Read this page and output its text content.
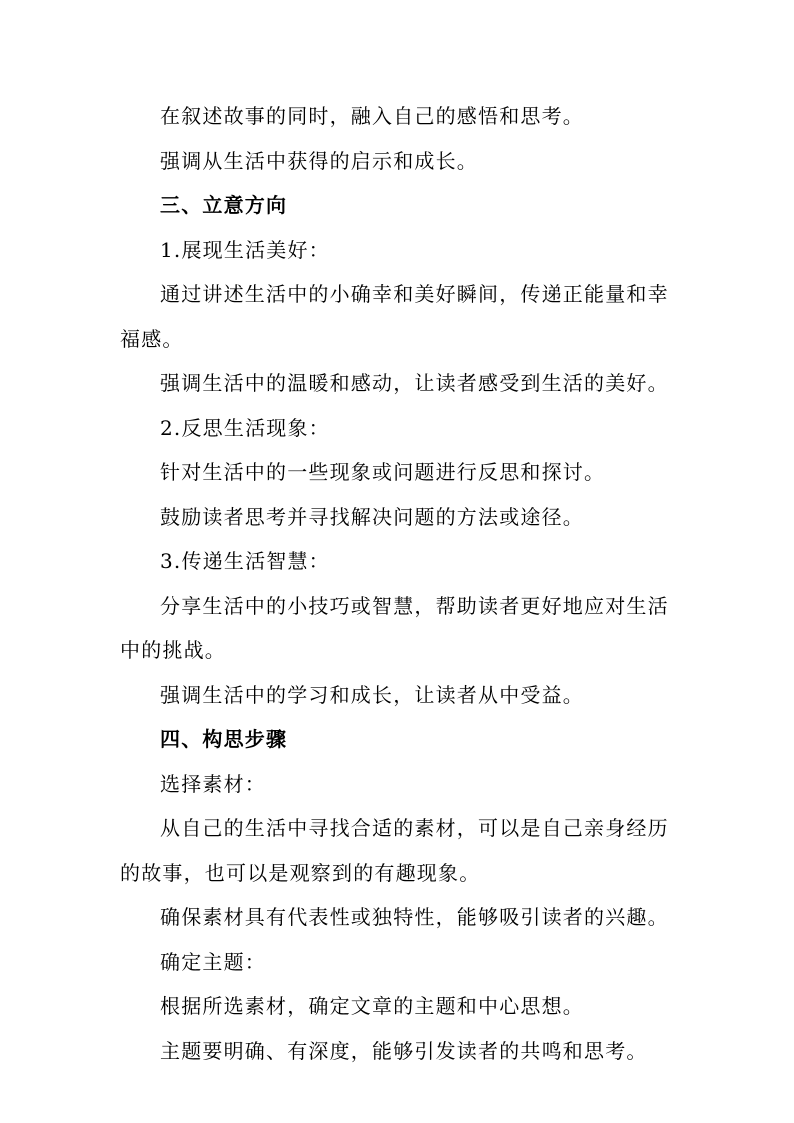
在叙述故事的同时，融入自己的感悟和思考。

强调从生活中获得的启示和成长。

三、立意方向

1.展现生活美好：

通过讲述生活中的小确幸和美好瞬间，传递正能量和幸福感。

强调生活中的温暖和感动，让读者感受到生活的美好。

2.反思生活现象：

针对生活中的一些现象或问题进行反思和探讨。

鼓励读者思考并寻找解决问题的方法或途径。

3.传递生活智慧：

分享生活中的小技巧或智慧，帮助读者更好地应对生活中的挑战。

强调生活中的学习和成长，让读者从中受益。

四、构思步骤

选择素材：

从自己的生活中寻找合适的素材，可以是自己亲身经历的故事，也可以是观察到的有趣现象。

确保素材具有代表性或独特性，能够吸引读者的兴趣。

确定主题：

根据所选素材，确定文章的主题和中心思想。

主题要明确、有深度，能够引发读者的共鸣和思考。
